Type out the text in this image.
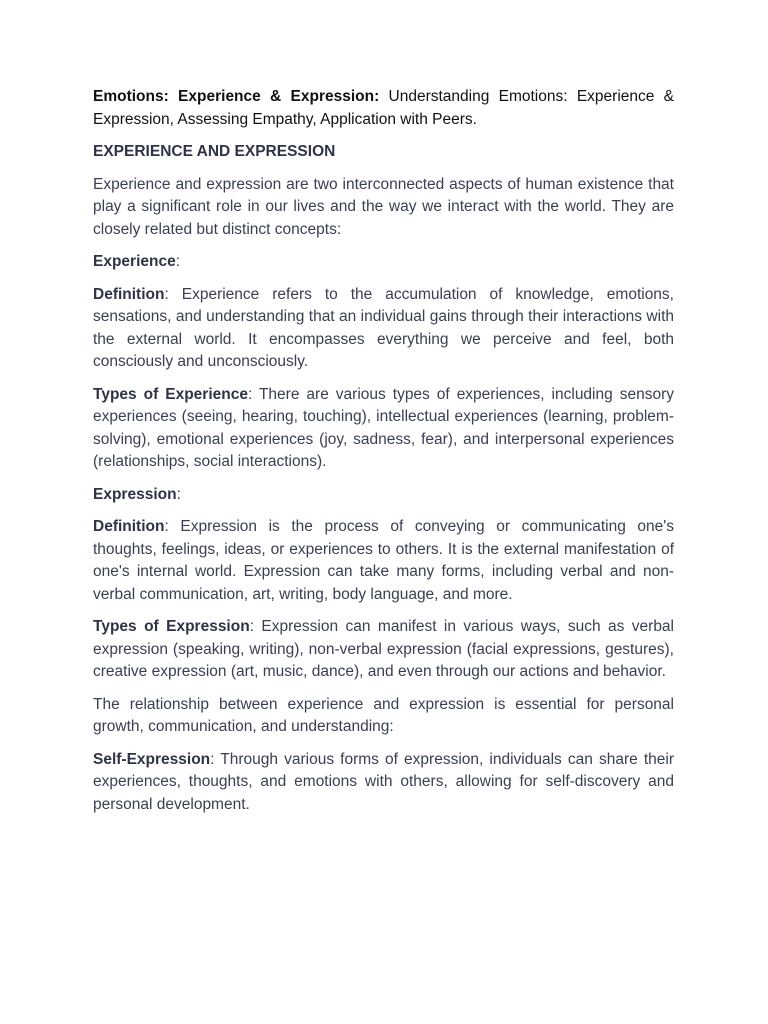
Emotions: Experience & Expression: Understanding Emotions: Experience & Expression, Assessing Empathy, Application with Peers.

EXPERIENCE AND EXPRESSION

Experience and expression are two interconnected aspects of human existence that play a significant role in our lives and the way we interact with the world. They are closely related but distinct concepts:

Experience:

Definition: Experience refers to the accumulation of knowledge, emotions, sensations, and understanding that an individual gains through their interactions with the external world. It encompasses everything we perceive and feel, both consciously and unconsciously.

Types of Experience: There are various types of experiences, including sensory experiences (seeing, hearing, touching), intellectual experiences (learning, problem-solving), emotional experiences (joy, sadness, fear), and interpersonal experiences (relationships, social interactions).

Expression:

Definition: Expression is the process of conveying or communicating one's thoughts, feelings, ideas, or experiences to others. It is the external manifestation of one's internal world. Expression can take many forms, including verbal and non-verbal communication, art, writing, body language, and more.

Types of Expression: Expression can manifest in various ways, such as verbal expression (speaking, writing), non-verbal expression (facial expressions, gestures), creative expression (art, music, dance), and even through our actions and behavior.

The relationship between experience and expression is essential for personal growth, communication, and understanding:

Self-Expression: Through various forms of expression, individuals can share their experiences, thoughts, and emotions with others, allowing for self-discovery and personal development.
